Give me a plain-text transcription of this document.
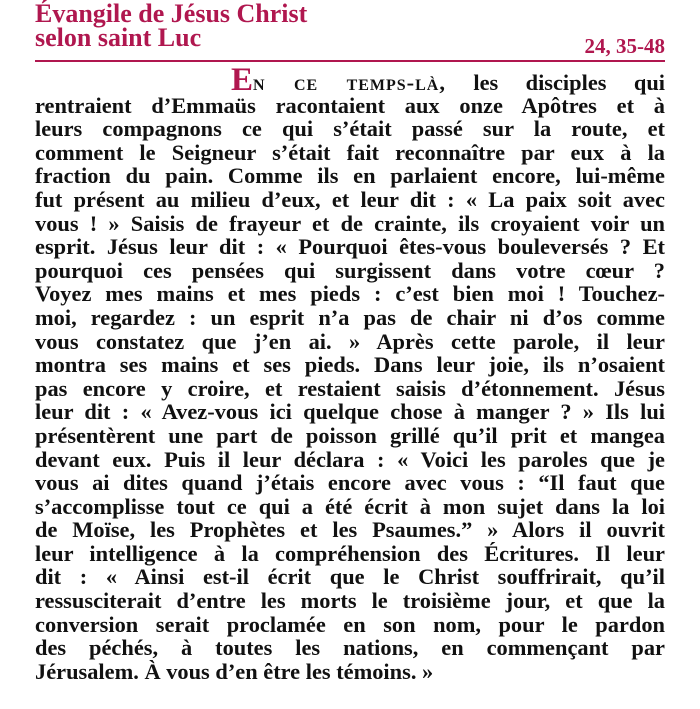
Évangile de Jésus Christ
selon saint Luc	24, 35-48
En ce temps-là, les disciples qui
rentraient d’Emmaüs racontaient aux onze Apôtres et à
leurs compagnons ce qui s’était passé sur la route, et
comment le Seigneur s’était fait reconnaître par eux à la
fraction du pain. Comme ils en parlaient encore, lui-même
fut présent au milieu d’eux, et leur dit : « La paix soit avec
vous ! » Saisis de frayeur et de crainte, ils croyaient voir un
esprit. Jésus leur dit : « Pourquoi êtes-vous bouleversés ? Et
pourquoi ces pensées qui surgissent dans votre cœur ?
Voyez mes mains et mes pieds : c’est bien moi ! Touchez-
moi, regardez : un esprit n’a pas de chair ni d’os comme
vous constatez que j’en ai. » Après cette parole, il leur
montra ses mains et ses pieds. Dans leur joie, ils n’osaient
pas encore y croire, et restaient saisis d’étonnement. Jésus
leur dit : « Avez-vous ici quelque chose à manger ? » Ils lui
présentèrent une part de poisson grillé qu’il prit et mangea
devant eux. Puis il leur déclara : « Voici les paroles que je
vous ai dites quand j’étais encore avec vous : “Il faut que
s’accomplisse tout ce qui a été écrit à mon sujet dans la loi
de Moïse, les Prophètes et les Psaumes.” » Alors il ouvrit
leur intelligence à la compréhension des Écritures. Il leur
dit : « Ainsi est-il écrit que le Christ souffrirait, qu’il
ressusciterait d’entre les morts le troisième jour, et que la
conversion serait proclamée en son nom, pour le pardon
des péchés, à toutes les nations, en commençant par
Jérusalem. À vous d’en être les témoins. »
